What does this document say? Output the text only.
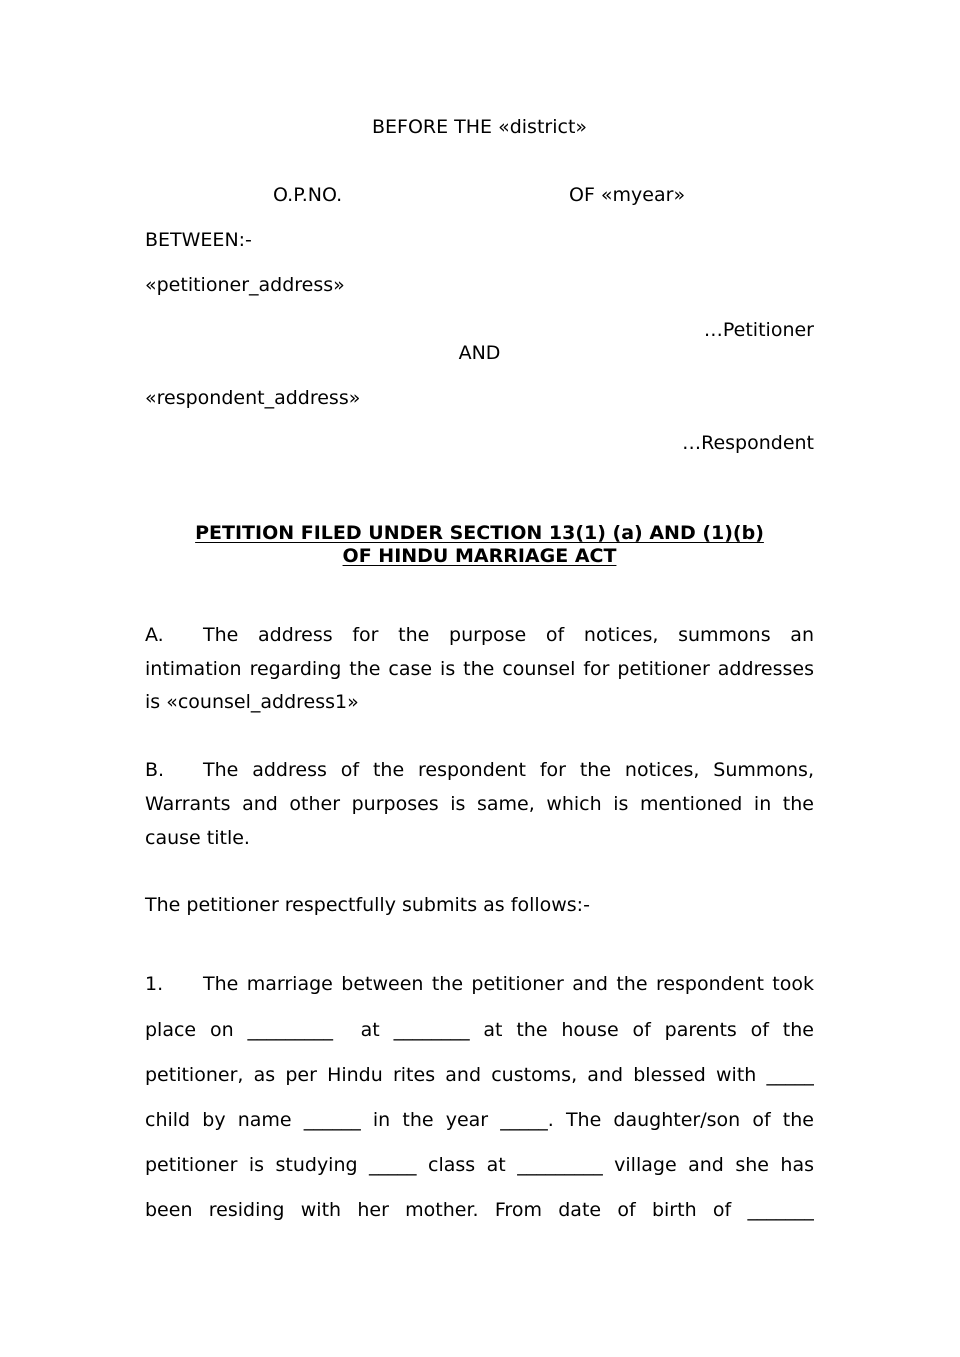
BEFORE THE «district»
O.P.NO.	OF «myear»
BETWEEN:-
«petitioner_address»
…Petitioner
AND
«respondent_address»
…Respondent
PETITION FILED UNDER SECTION 13(1) (a) AND (1)(b)
OF HINDU MARRIAGE ACT
A. The address for the purpose of notices, summons an
intimation regarding the case is the counsel for petitioner addresses
is «counsel_address1»
B. The address of the respondent for the notices, Summons,
Warrants and other purposes is same, which is mentioned in the
cause title.
The petitioner respectfully submits as follows:-
1. The marriage between the petitioner and the respondent took
place on _________  at ________ at the house of parents of the
petitioner, as per Hindu rites and customs, and blessed with _____
child by name ______ in the year _____. The daughter/son of the
petitioner is studying _____ class at _________ village and she has
been residing with her mother. From date of birth of _______
